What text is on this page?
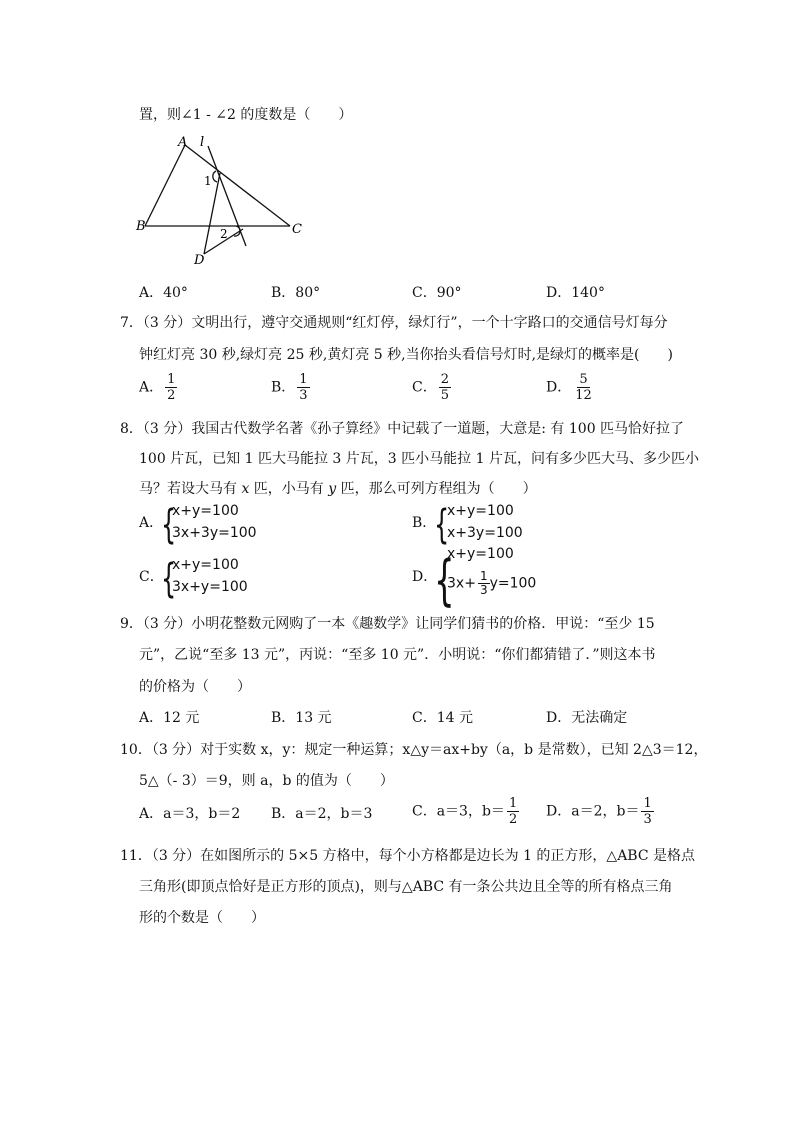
置，则∠1 - ∠2 的度数是（　　）
A l
1
B	C
2
D
A．40°	B．80°	C．90°	D．140°
7．（3 分）文明出行，遵守交通规则“红灯停，绿灯行”，一个十字路口的交通信号灯每分
钟红灯亮 30 秒,绿灯亮 25 秒,黄灯亮 5 秒,当你抬头看信号灯时,是绿灯的概率是(　　)
A． $\frac{1}{2}$	B． $\frac{1}{3}$	C． $\frac{2}{5}$	D． $\frac{5}{12}$
8．（3 分）我国古代数学名著《孙子算经》中记载了一道题，大意是: 有 100 匹马恰好拉了
100 片瓦，已知 1 匹大马能拉 3 片瓦，3 匹小马能拉 1 片瓦，问有多少匹大马、多少匹小
马？若设大马有 x 匹，小马有 y 匹，那么可列方程组为（　　）
A．
{
x+y=100
3x+3y=100
B．
{
x+y=100
x+3y=100
C．
{
x+y=100
3x+y=100
D．
{
x+y=100
$3x+ \frac{1}{3} y=100$
9．（3 分）小明花整数元网购了一本《趣数学》让同学们猜书的价格．甲说：“至少 15
元”，乙说“至多 13 元”，丙说：“至多 10 元”．小明说：“你们都猜错了．”则这本书
的价格为（　　）
A．12 元	B．13 元	C．14 元	D．无法确定
10．（3 分）对于实数 x，y：规定一种运算；x△y＝ax+by（a，b 是常数），已知 2△3＝12，
5△（- 3）＝9，则 a，b 的值为（　　）
A．a＝3，b＝2 B．a＝2，b＝3	C．a＝3，$b= \frac{1}{2}$ D．a＝2，$b= \frac{1}{3}$
11．（3 分）在如图所示的 5×5 方格中，每个小方格都是边长为 1 的正方形，△ABC 是格点
三角形(即顶点恰好是正方形的顶点)，则与△ABC 有一条公共边且全等的所有格点三角
形的个数是（　　）
